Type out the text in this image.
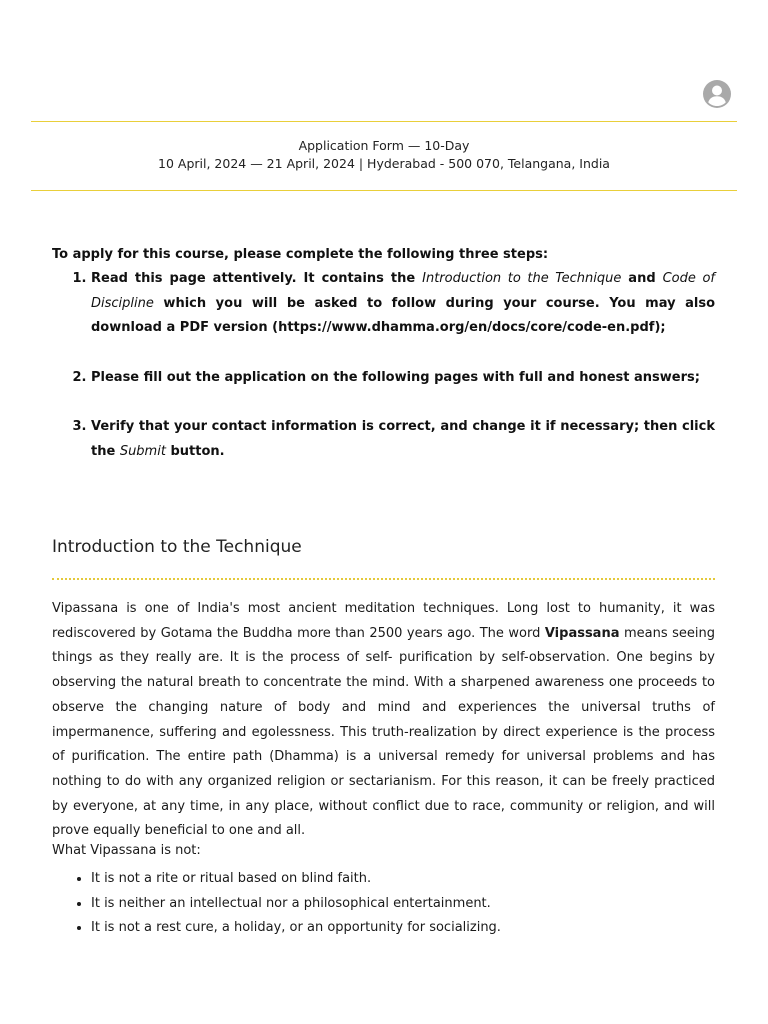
Application Form — 10-Day
10 April, 2024 — 21 April, 2024 | Hyderabad - 500 070, Telangana, India

To apply for this course, please complete the following three steps:

1. Read this page attentively. It contains the Introduction to the Technique and Code of Discipline which you will be asked to follow during your course. You may also download a PDF version (https://www.dhamma.org/en/docs/core/code-en.pdf);
2. Please fill out the application on the following pages with full and honest answers;
3. Verify that your contact information is correct, and change it if necessary; then click the Submit button.
Introduction to the Technique

Vipassana is one of India's most ancient meditation techniques. Long lost to humanity, it was rediscovered by Gotama the Buddha more than 2500 years ago. The word Vipassana means seeing things as they really are. It is the process of self- purification by self-observation. One begins by observing the natural breath to concentrate the mind. With a sharpened awareness one proceeds to observe the changing nature of body and mind and experiences the universal truths of impermanence, suffering and egolessness. This truth-realization by direct experience is the process of purification. The entire path (Dhamma) is a universal remedy for universal problems and has nothing to do with any organized religion or sectarianism. For this reason, it can be freely practiced by everyone, at any time, in any place, without conflict due to race, community or religion, and will prove equally beneficial to one and all.

What Vipassana is not:

• It is not a rite or ritual based on blind faith.
• It is neither an intellectual nor a philosophical entertainment.
• It is not a rest cure, a holiday, or an opportunity for socializing.
